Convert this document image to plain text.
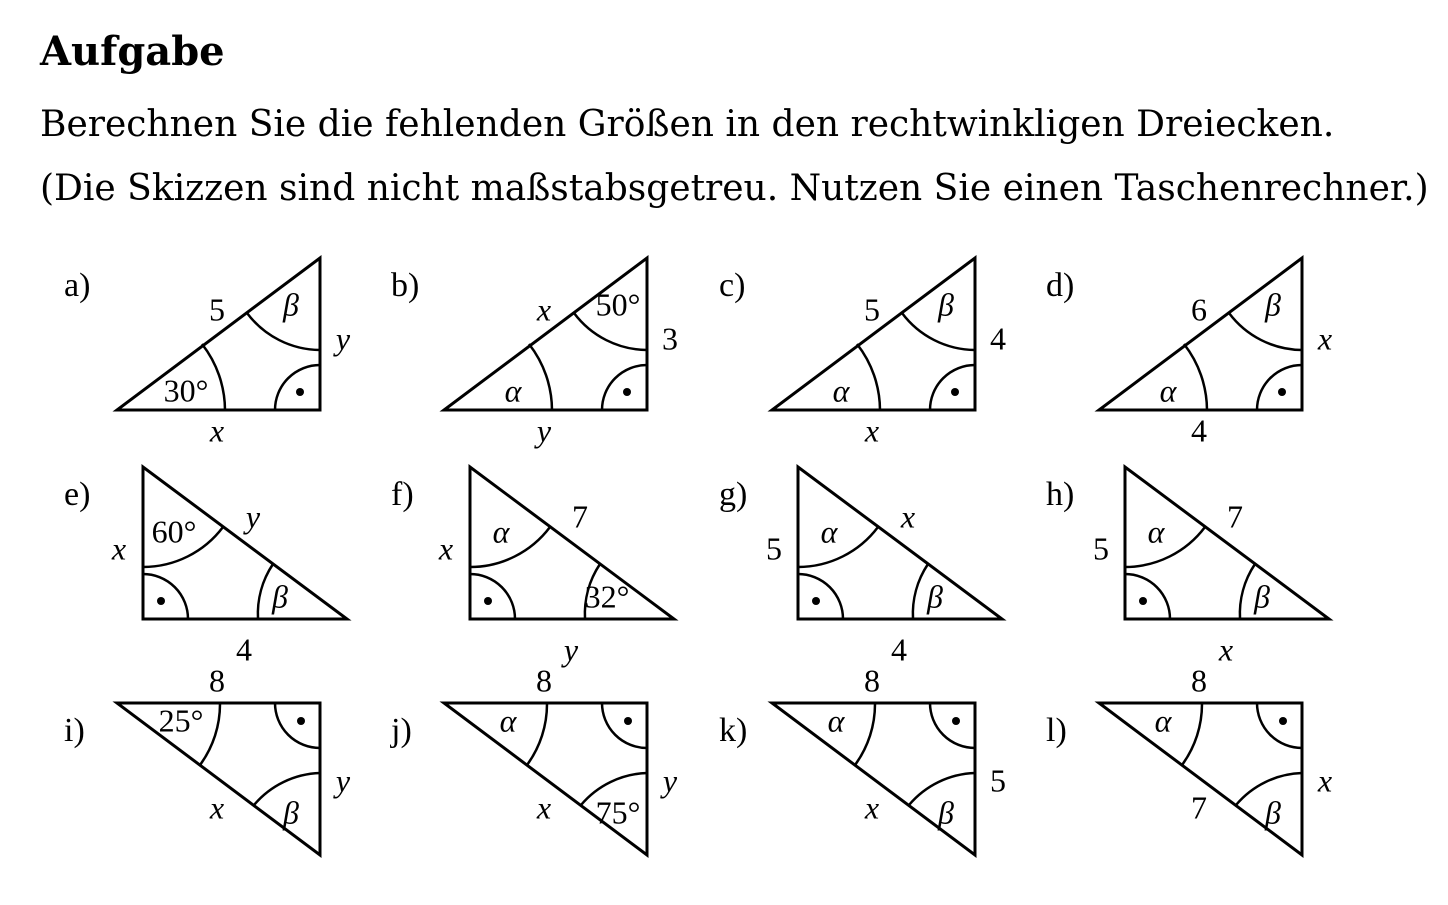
Aufgabe
Berechnen Sie die fehlenden Größen in den rechtwinkligen Dreiecken.
(Die Skizzen sind nicht maßstabsgetreu. Nutzen Sie einen Taschenrechner.)
5
x
y
30°
β
a)
x
y
3
α
50°
b)
5
x
4
α
β
c)
6
4
x
α
β
d)
y
4
x 60°
β
e)
7
y
x α
32°
f)
x
4
5 α
β
g)
7
x
5 α
β
h)
x
8
y
25°
β
i)
x
8
y
α
75°
j)
x
8
5
α
β
k)
7
8
x
α
β
l)
